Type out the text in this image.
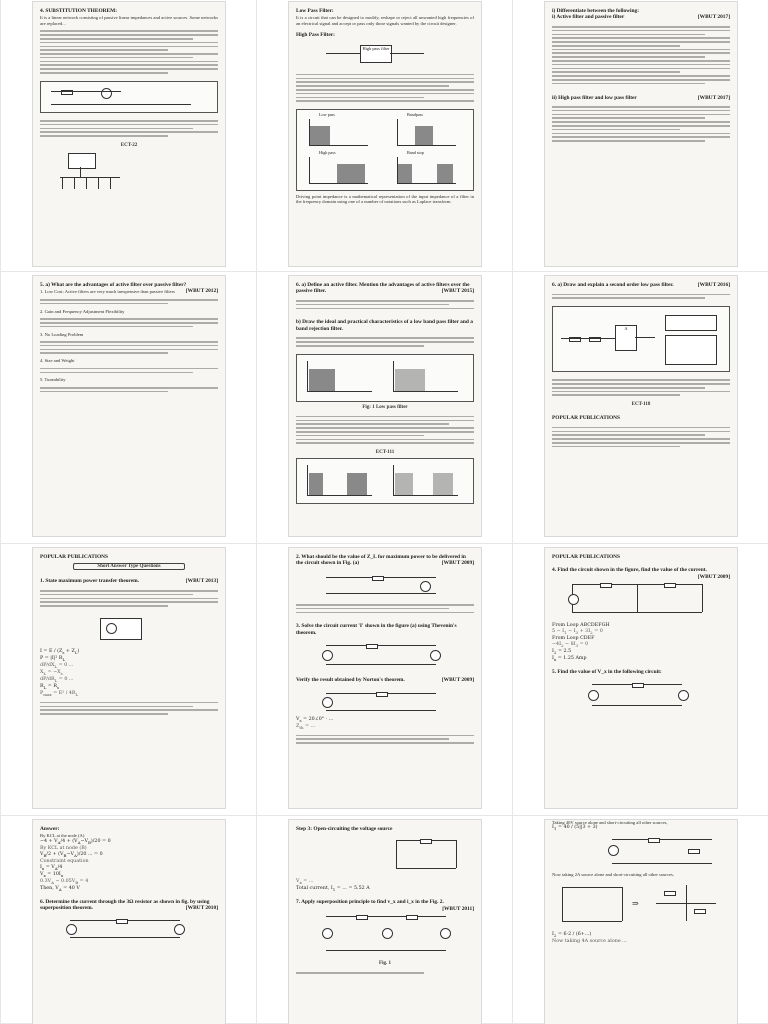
4. SUBSTITUTION THEOREM:
It is a linear network consisting of passive linear impedances and active sources. Some networks are replaced...
ECT-22
Low Pass Filter:
It is a circuit that can be designed to modify, reshape or reject all unwanted high frequencies of an electrical signal and accept or pass only those signals wanted by the circuit designer.
High Pass Filter:
High pass filter
Low pass	Bandpass
High pass	Band stop
Driving point impedance is a mathematical representation of the input impedance of a filter in the frequency domain using one of a number of notations such as Laplace transform.
i) Differentiate between the following:
i) Active filter and passive filter	[WBUT 2017]
ii) High pass filter and low pass filter	[WBUT 2017]
5. a) What are the advantages of active filter over passive filter?
[WBUT 2012]
1. Low Cost: Active filters are very much inexpensive than passive filters
2. Gain and Frequency Adjustment Flexibility
3. No Loading Problem
4. Size and Weight
5. Tuneability
6. a) Define an active filter. Mention the advantages of active filters over the passive filter.	[WBUT 2015]
b) Draw the ideal and practical characteristics of a low band pass filter and a band rejection filter.
Fig: 1 Low pass filter
ECT-111
6. a) Draw and explain a second order low pass filter.	[WBUT 2016]
A
ECT-118
POPULAR PUBLICATIONS
POPULAR PUBLICATIONS
Short Answer Type Questions
1. State maximum power transfer theorem.	[WBUT 2013]
$I = E / (Z_s + Z_L)$
P = |I|² $R_L$
$dP/dX_L = 0$ ...
$X_L = -X_s$
$dP/dR_L = 0$ ...
$R_L = R_s$
$P_{max} = E^2 / 4R_L$
2. What should be the value of Z_L for maximum power to be delivered in the circuit shown in Fig. (a)	[WBUT 2009]
3. Solve the circuit current 'I' shown in the figure (a) using Thevenin's theorem.
Verify the result obtained by Norton's theorem.	[WBUT 2009]
$V_s$ = 20∠0° · ...
$Z_{th}$ = ...
POPULAR PUBLICATIONS
4. Find the circuit shown in the figure, find the value of the current.
[WBUT 2009]
From Loop ABCDEFGH
$5 - I_1 - I_3 + 3I_2 = 0$
From Loop CDEF
$-4I_2 - 8I_3 = 0$
$I_2 = 2.5$
$I_x = 1.25$ Amp
5. Find the value of V_x in the following circuit:
Answer:
By KCL at the node (A)
$-4 + V_A/4 + (V_A-V_B)/20 = 0$
By KCL at node (B)
$V_B/2 + (V_B-V_A)/20$ ... = 0
Constraint equation
$I_x = V_A/4$
$V_x = 10I_x$
$0.3V_A - 0.05V_B = 4$
Then, $V_A = 40$ V
6. Determine the current through the 3Ω resistor as shown in fig. by using superposition theorem.	[WBUT 2010]
Step 3: Open-circuiting the voltage source
$V_x$ = ...
Total current, $I_1$ = ... = 5.52 A
7. Apply superposition principle to find v_x and i_x in the Fig. 2.
[WBUT 2011]
Fig. 1
Taking 40V source alone and short-circuiting all other sources,
$I_1 = 40 / (5||3 + 3)$
Now taking 2A source alone and short-circuiting all other sources,
⇒
$I_2 = 6\cdot 2 / (6+...)$
Now taking 4A source alone ...
